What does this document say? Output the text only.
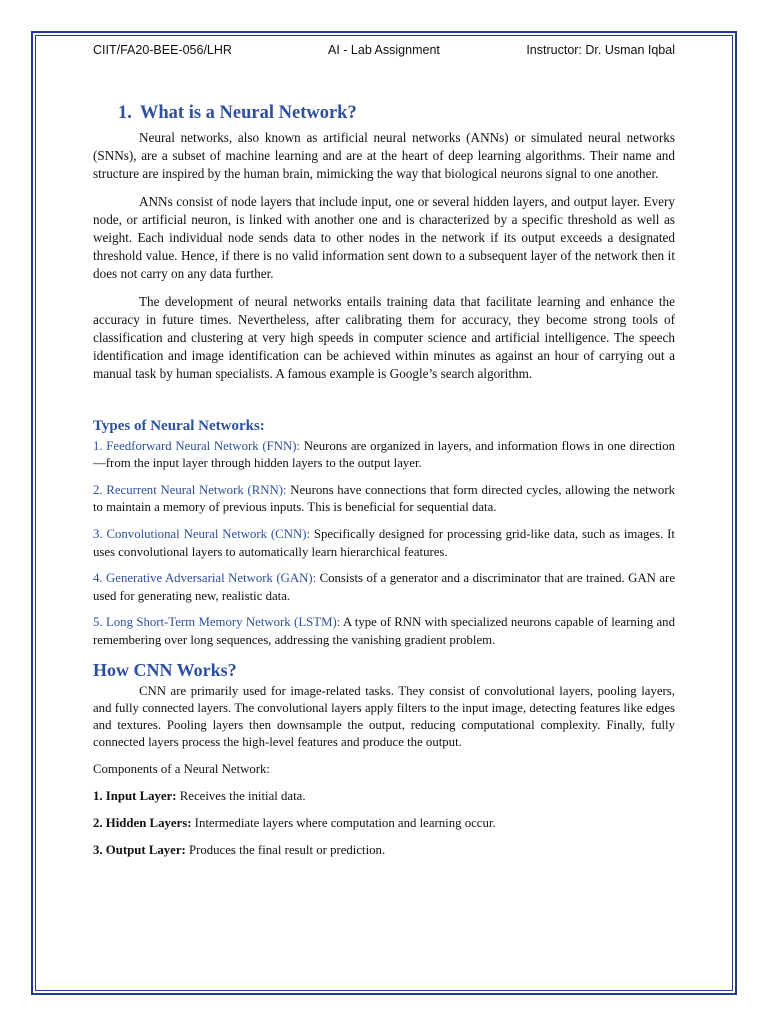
CIIT/FA20-BEE-056/LHR	AI - Lab Assignment	Instructor: Dr. Usman Iqbal
1. What is a Neural Network?

Neural networks, also known as artificial neural networks (ANNs) or simulated neural networks (SNNs), are a subset of machine learning and are at the heart of deep learning algorithms. Their name and structure are inspired by the human brain, mimicking the way that biological neurons signal to one another.

ANNs consist of node layers that include input, one or several hidden layers, and output layer. Every node, or artificial neuron, is linked with another one and is characterized by a specific threshold as well as weight. Each individual node sends data to other nodes in the network if its output exceeds a designated threshold value. Hence, if there is no valid information sent down to a subsequent layer of the network then it does not carry on any data further.

The development of neural networks entails training data that facilitate learning and enhance the accuracy in future times. Nevertheless, after calibrating them for accuracy, they become strong tools of classification and clustering at very high speeds in computer science and artificial intelligence. The speech identification and image identification can be achieved within minutes as against an hour of carrying out a manual task by human specialists. A famous example is Google’s search algorithm.

Types of Neural Networks:
1. Feedforward Neural Network (FNN): Neurons are organized in layers, and information flows in one direction—from the input layer through hidden layers to the output layer.
2. Recurrent Neural Network (RNN): Neurons have connections that form directed cycles, allowing the network to maintain a memory of previous inputs. This is beneficial for sequential data.
3. Convolutional Neural Network (CNN): Specifically designed for processing grid-like data, such as images. It uses convolutional layers to automatically learn hierarchical features.
4. Generative Adversarial Network (GAN): Consists of a generator and a discriminator that are trained. GAN are used for generating new, realistic data.
5. Long Short-Term Memory Network (LSTM): A type of RNN with specialized neurons capable of learning and remembering over long sequences, addressing the vanishing gradient problem.
How CNN Works?

CNN are primarily used for image-related tasks. They consist of convolutional layers, pooling layers, and fully connected layers. The convolutional layers apply filters to the input image, detecting features like edges and textures. Pooling layers then downsample the output, reducing computational complexity. Finally, fully connected layers process the high-level features and produce the output.

Components of a Neural Network:

1. Input Layer: Receives the initial data.

2. Hidden Layers: Intermediate layers where computation and learning occur.

3. Output Layer: Produces the final result or prediction.
